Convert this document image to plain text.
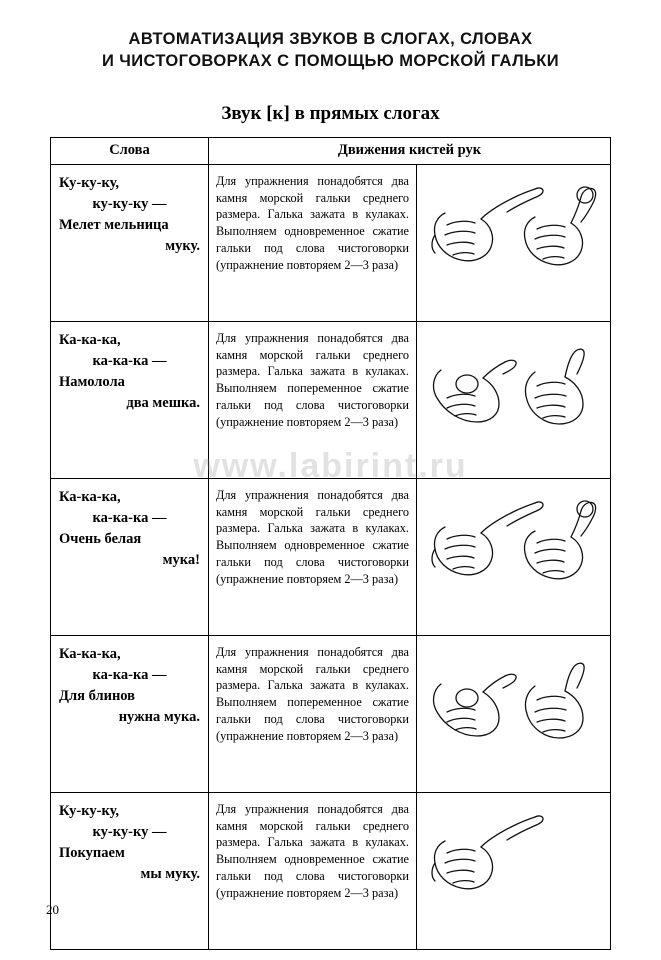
АВТОМАТИЗАЦИЯ ЗВУКОВ В СЛОГАХ, СЛОВАХ
И ЧИСТОГОВОРКАХ С ПОМОЩЬЮ МОРСКОЙ ГАЛЬКИ
Звук [к] в прямых слогах
Слова	Движения кистей рук	

Ку-ку-ку,
ку-ку-ку —
Мелет мельница
муку.	Для упражнения понадобятся два камня морской гальки среднего размера. Галька зажата в кулаках. Выполняем одновременное сжатие гальки под слова чистоговорки (упражнение повторяем 2—3 раза)	

Ка-ка-ка,
ка-ка-ка —
Намолола
два мешка.	Для упражнения понадобятся два камня морской гальки среднего размера. Галька зажата в кулаках. Выполняем попеременное сжатие гальки под слова чистоговорки (упражнение повторяем 2—3 раза)	

Ка-ка-ка,
ка-ка-ка —
Очень белая
мука!	Для упражнения понадобятся два камня морской гальки среднего размера. Галька зажата в кулаках. Выполняем одновременное сжатие гальки под слова чистоговорки (упражнение повторяем 2—3 раза)	

Ка-ка-ка,
ка-ка-ка —
Для блинов
нужна мука.	Для упражнения понадобятся два камня морской гальки среднего размера. Галька зажата в кулаках. Выполняем попеременное сжатие гальки под слова чистоговорки (упражнение повторяем 2—3 раза)	

Ку-ку-ку,
ку-ку-ку —
Покупаем
мы муку.	Для упражнения понадобятся два камня морской гальки среднего размера. Галька зажата в кулаках. Выполняем одновременное сжатие гальки под слова чистоговорки (упражнение повторяем 2—3 раза)	
www.labirint.ru
20
